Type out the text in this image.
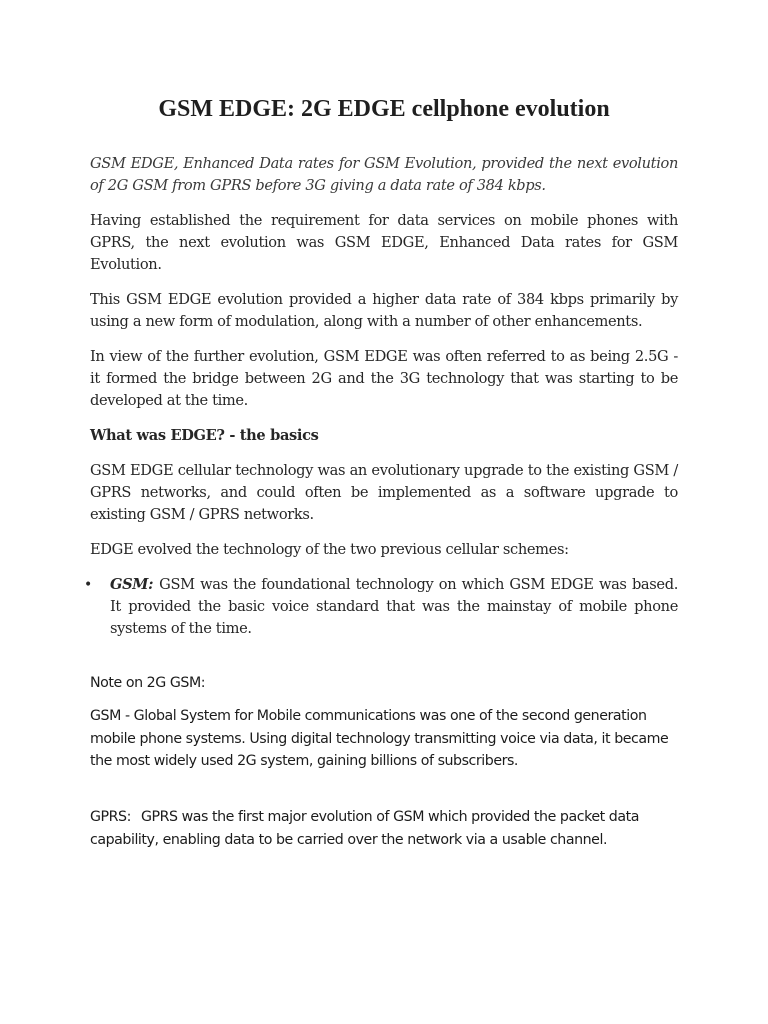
GSM EDGE: 2G EDGE cellphone evolution

GSM EDGE, Enhanced Data rates for GSM Evolution, provided the next evolution of 2G GSM from GPRS before 3G giving a data rate of 384 kbps.

Having established the requirement for data services on mobile phones with GPRS, the next evolution was GSM EDGE, Enhanced Data rates for GSM Evolution.

This GSM EDGE evolution provided a higher data rate of 384 kbps primarily by using a new form of modulation, along with a number of other enhancements.

In view of the further evolution, GSM EDGE was often referred to as being 2.5G - it formed the bridge between 2G and the 3G technology that was starting to be developed at the time.

What was EDGE? - the basics

GSM EDGE cellular technology was an evolutionary upgrade to the existing GSM / GPRS networks, and could often be implemented as a software upgrade to existing GSM / GPRS networks.

EDGE evolved the technology of the two previous cellular schemes:

• GSM: GSM was the foundational technology on which GSM EDGE was based. It provided the basic voice standard that was the mainstay of mobile phone systems of the time.

Note on 2G GSM:

GSM - Global System for Mobile communications was one of the second generation mobile phone systems. Using digital technology transmitting voice via data, it became the most widely used 2G system, gaining billions of subscribers.

GPRS: GPRS was the first major evolution of GSM which provided the packet data capability, enabling data to be carried over the network via a usable channel.
